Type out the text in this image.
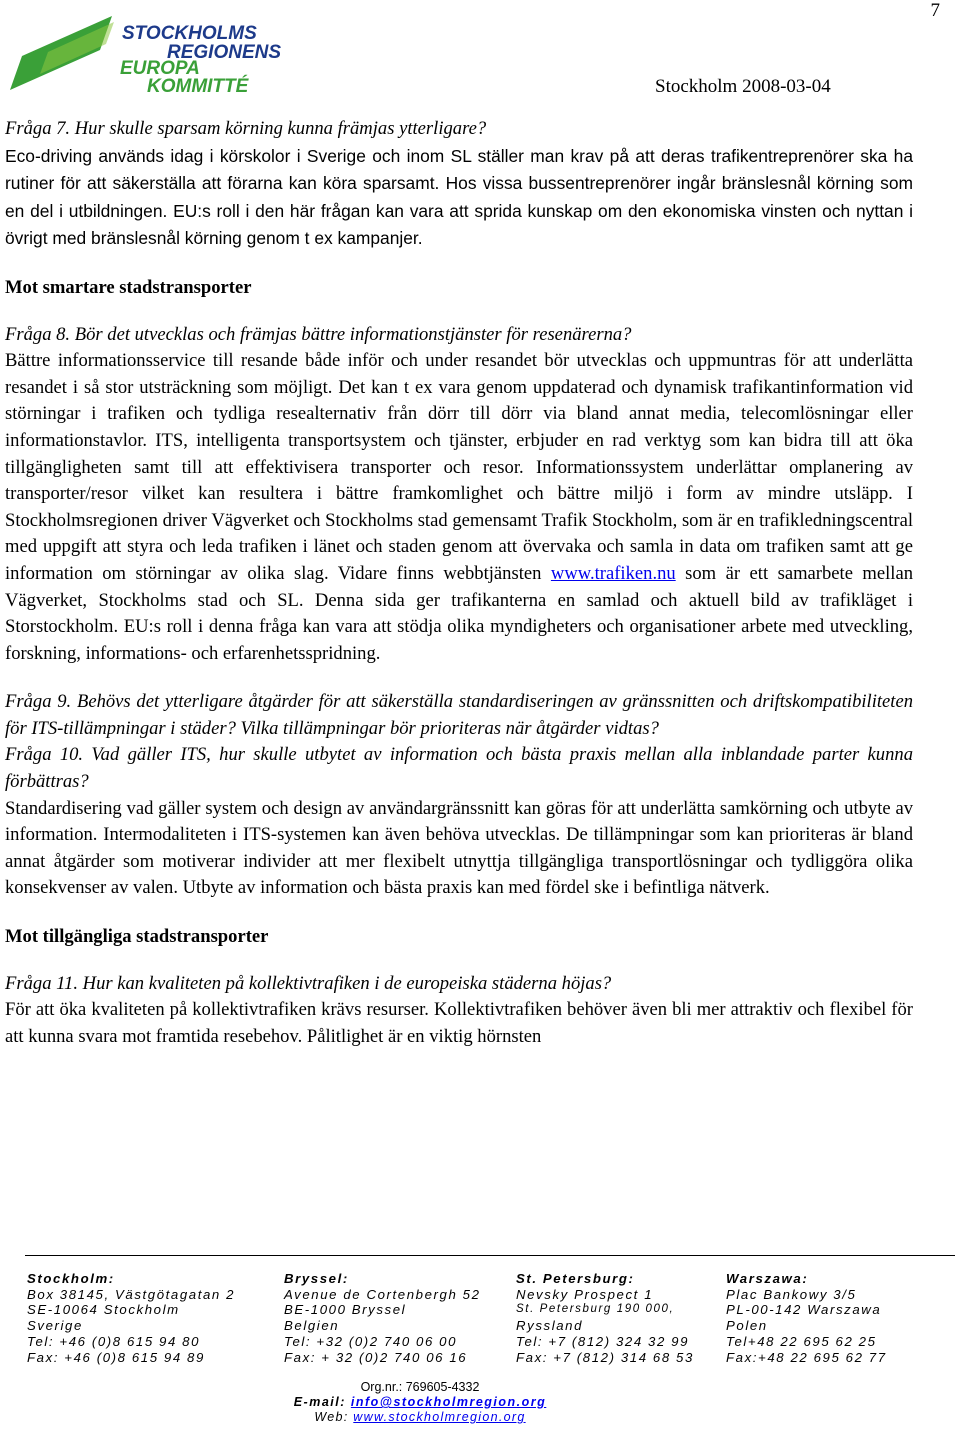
7
STOCKHOLMS
REGIONENS
EUROPA
KOMMITTÉ	Stockholm 2008-03-04

Fråga 7. Hur skulle sparsam körning kunna främjas ytterligare?

Eco-driving används idag i körskolor i Sverige och inom SL ställer man krav på att deras trafikentreprenörer ska ha rutiner för att säkerställa att förarna kan köra sparsamt. Hos vissa bussentreprenörer ingår bränslesnål körning som en del i utbildningen. EU:s roll i den här frågan kan vara att sprida kunskap om den ekonomiska vinsten och nyttan i övrigt med bränslesnål körning genom t ex kampanjer.

Mot smartare stadstransporter

Fråga 8. Bör det utvecklas och främjas bättre informationstjänster för resenärerna?

Bättre informationsservice till resande både inför och under resandet bör utvecklas och uppmuntras för att underlätta resandet i så stor utsträckning som möjligt. Det kan t ex vara genom uppdaterad och dynamisk trafikantinformation vid störningar i trafiken och tydliga resealternativ från dörr till dörr via bland annat media, telecomlösningar eller informationstavlor. ITS, intelligenta transportsystem och tjänster, erbjuder en rad verktyg som kan bidra till att öka tillgängligheten samt till att effektivisera transporter och resor. Informationssystem underlättar omplanering av transporter/resor vilket kan resultera i bättre framkomlighet och bättre miljö i form av mindre utsläpp. I Stockholmsregionen driver Vägverket och Stockholms stad gemensamt Trafik Stockholm, som är en trafikledningscentral med uppgift att styra och leda trafiken i länet och staden genom att övervaka och samla in data om trafiken samt att ge information om störningar av olika slag. Vidare finns webbtjänsten www.trafiken.nu som är ett samarbete mellan Vägverket, Stockholms stad och SL. Denna sida ger trafikanterna en samlad och aktuell bild av trafikläget i Storstockholm. EU:s roll i denna fråga kan vara att stödja olika myndigheters och organisationer arbete med utveckling, forskning, informations- och erfarenhetsspridning.

Fråga 9. Behövs det ytterligare åtgärder för att säkerställa standardiseringen av gränssnitten och driftskompatibiliteten för ITS-tillämpningar i städer? Vilka tillämpningar bör prioriteras när åtgärder vidtas?

Fråga 10. Vad gäller ITS, hur skulle utbytet av information och bästa praxis mellan alla inblandade parter kunna förbättras?

Standardisering vad gäller system och design av användargränssnitt kan göras för att underlätta samkörning och utbyte av information. Intermodaliteten i ITS-systemen kan även behöva utvecklas. De tillämpningar som kan prioriteras är bland annat åtgärder som motiverar individer att mer flexibelt utnyttja tillgängliga transportlösningar och tydliggöra olika konsekvenser av valen. Utbyte av information och bästa praxis kan med fördel ske i befintliga nätverk.

Mot tillgängliga stadstransporter

Fråga 11. Hur kan kvaliteten på kollektivtrafiken i de europeiska städerna höjas?

För att öka kvaliteten på kollektivtrafiken krävs resurser. Kollektivtrafiken behöver även bli mer attraktiv och flexibel för att kunna svara mot framtida resebehov. Pålitlighet är en viktig hörnsten

Stockholm:
Box 38145, Västgötagatan 2
SE-10064 Stockholm
Sverige
Tel: +46 (0)8 615 94 80
Fax: +46 (0)8 615 94 89
Bryssel:
Avenue de Cortenbergh 52
BE-1000 Bryssel
Belgien
Tel: +32 (0)2 740 06 00
Fax: + 32 (0)2 740 06 16
St. Petersburg:
Nevsky Prospect 1
St. Petersburg 190 000,
Ryssland
Tel: +7 (812) 324 32 99
Fax: +7 (812) 314 68 53
Warszawa:
Plac Bankowy 3/5
PL-00-142 Warszawa
Polen
Tel+48 22 695 62 25
Fax:+48 22 695 62 77
Org.nr.: 769605-4332
E-mail: info@stockholmregion.org
Web: www.stockholmregion.org
